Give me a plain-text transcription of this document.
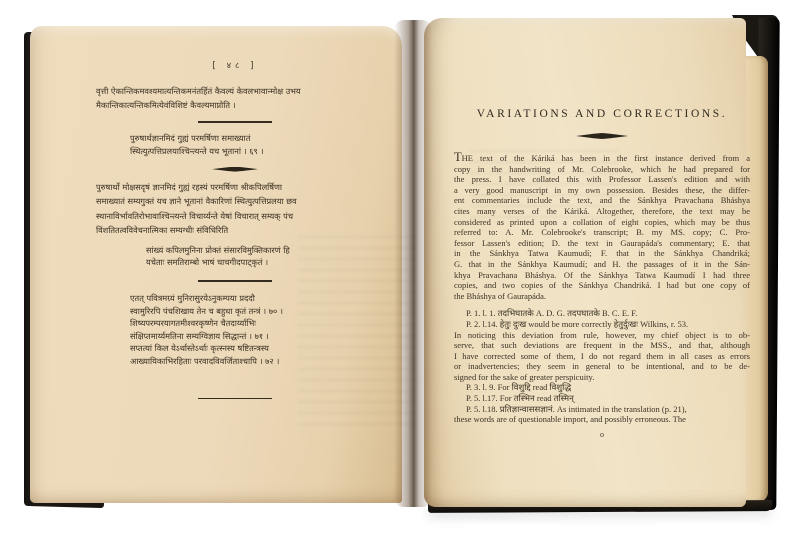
[ ४८ ]
वृत्ती ऐकान्तिकमवश्यमात्यन्तिकमनंतर्हितं कैवल्यं केवलभावान्मोक्ष उभय
मैकान्तिकात्यन्तिकमित्येवंविशिष्टं कैवल्यमाप्नोति ।
पुरुषार्थज्ञानमिदं गुह्यं परमर्षिणा समाख्यातं
स्थित्युत्पत्तिप्रलयाश्चिन्त्यन्ते यच भूतानां । ६९ ।
पुरुषार्थो मोक्षसदृषं ज्ञानमिदं गुह्यं रहस्यं परमर्षिणा श्रीकपिलर्षिणा
समाख्यातं सम्यगुक्तं यच ज्ञाने भूतानां वैकारिणां स्थित्युत्पत्तिप्रलया छव
स्थानाविर्भावतिरोभावाश्चिन्त्यन्ते विचार्य्यन्ते येषां विचारात् सम्यक् पंच
विंशतितत्वविवेचनात्मिका सम्यग्धीः संविधिरिति
सांख्यं कपिलमुनिना प्रोक्तं संसारविमुक्तिकारणं हि
यचेताः समतिराम्बो भाषं चाचगीदपाट्कृतं ।
एतत् पवित्रमग्र्यं मुनिरासुरयेऽनुकम्पया प्रददौ
स्वामुरिरपि पंचशिखाय तेन च बहुधा कृतं तन्त्रं । ७० ।
शिष्यपरम्परयागतमीश्वरकृष्णेन चैतदार्य्याभिः
संक्षिप्तमार्य्यमतिना सम्यग्विज्ञाय सिद्धान्तं । ७१ ।
सप्तत्यां किल येऽर्थास्तेऽर्थाः कृत्स्नस्य षष्टितन्त्रस्य
आख्यायिकाभिरहिताः परवादविवर्जिताश्चापि । ७२ ।
VARIATIONS AND CORRECTIONS.
THE text of the Káriká has been in the first instance derived from a
copy in the handwriting of Mr. Colebrooke, which he had prepared for
the press. I have collated this with Professor Lassen's edition and with
a very good manuscript in my own possession. Besides these, the differ-
ent commentaries include the text, and the Sánkhya Pravachana Bháshya
cites many verses of the Káriká. Altogether, therefore, the text may be
considered as printed upon a collation of eight copies, which may be thus
referred to: A. Mr. Colebrooke's transcript; B. my MS. copy; C. Pro-
fessor Lassen's edition; D. the text in Gaurapáda's commentary; E. that
in the Sánkhya Tatwa Kaumudí; F. that in the Sánkhya Chandriká;
G. that in the Sánkhya Kaumudí; and H. the passages of it in the Sán-
khya Pravachana Bháshya. Of the Sánkhya Tatwa Kaumudí I had three
copies, and two copies of the Sánkhya Chandriká. I had but one copy of
the Bháshya of Gaurapáda.
P. 1. l. 1. तदभिघातके A. D. G. तदपघातके B. C. E. F.
P. 2. l.14. हेतुः दुःख would be more correctly हेतुर्दुःखः Wilkins, r. 53.
In noticing this deviation from rule, however, my chief object is to ob-
serve, that such deviations are frequent in the MSS., and that, although
I have corrected some of them, I do not regard them in all cases as errors
or inadvertencies; they seem in general to be intentional, and to be de-
signed for the sake of greater perspicuity.
P. 3. l. 9. For विशुद्दि read विशुद्धि
P. 5. l.17. For तस्भिन read तस्मिन्
P. 5. l.18. प्रतिज्ञान्वाससज्ञानं. As intimated in the translation (p. 21),
these words are of questionable import, and possibly erroneous. The
o
